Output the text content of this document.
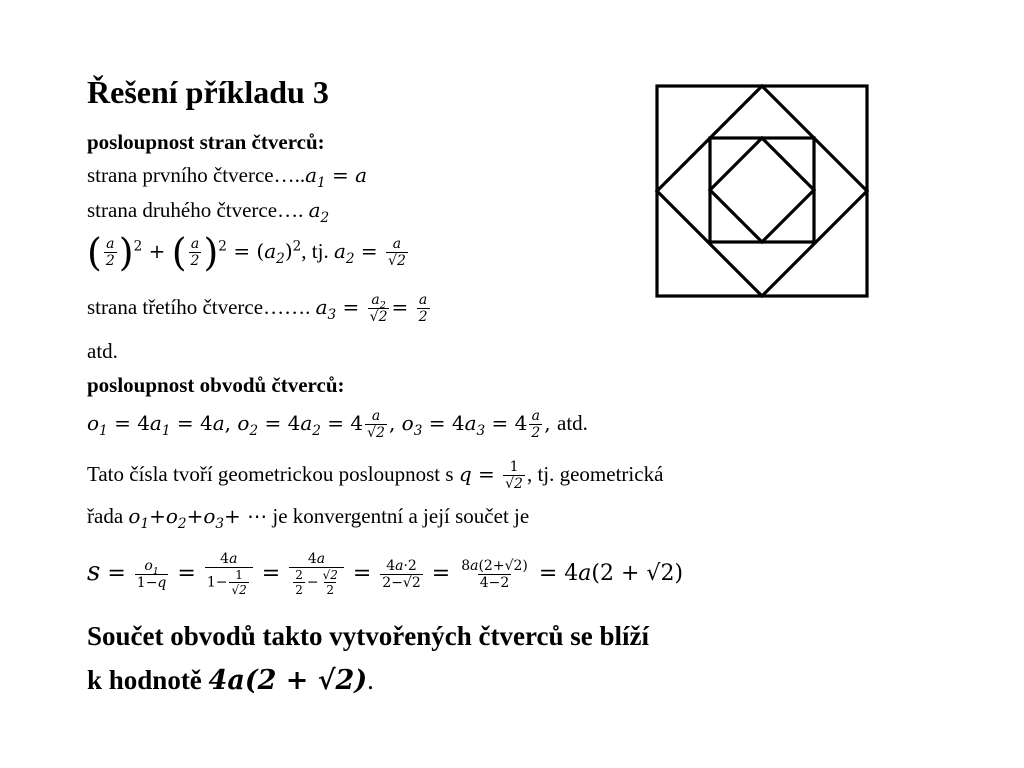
Řešení příkladu 3
posloupnost stran čtverců:
strana prvního $čtverce\dots..a_1 = a$
strana druhého čtverce…. $a_2$
( $\frac{a}{2} )^2$ + ( $\frac{a}{2} )^2 = (a_2)^2$, tj. $a_2 = \frac{a}{√2}$
strana třetího čtverce……. $a_3 = \frac{a_2}{√2} = \frac{a}{2}$
atd.
posloupnost obvodů čtverců:
$o_1 = 4a_1 = 4a$, $o_2 = 4a_2 = 4 \frac{a}{√2}$ , $o_3 = 4a_3 = 4 \frac{a}{2}$ , atd.
Tato čísla tvoří geometrickou posloupnost s $q = \frac{1}{√2}$ , tj. geometrická
řada $o_1+o_2+o_3+$ ⋯ je konvergentní a její součet je
$s = \frac{o_1}{1-q} = \frac{4a}{1- \frac{1}{√2}} = \frac{4a}{\frac{2}{2} - \frac{√2}{2}} = \frac{4a\cdot 2}{2-√2} = \frac{8a(2+√2)}{4-2} = 4a(2 + √2)$
Součet obvodů takto vytvořených čtverců se blíží
k hodnotě 4a(2 + √2).
